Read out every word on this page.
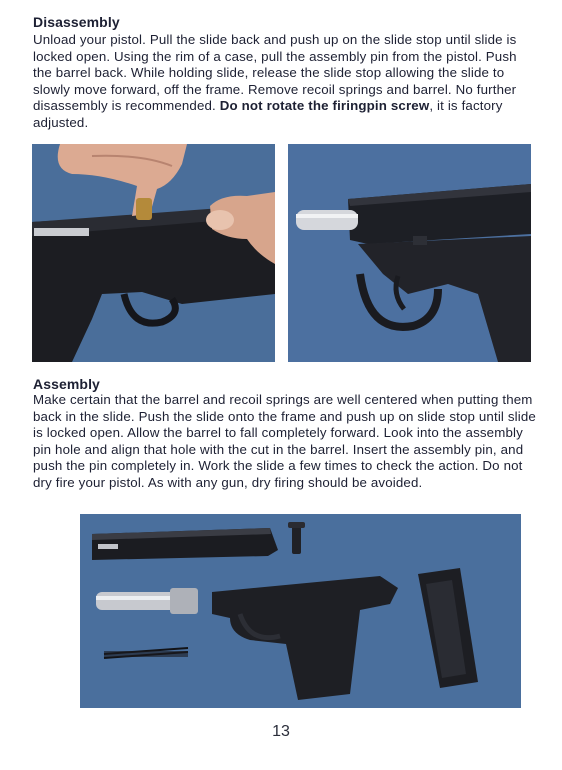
Disassembly
Unload your pistol. Pull the slide back and push up on the slide stop until slide is locked open. Using the rim of a case, pull the assembly pin from the pistol. Push the barrel back. While holding slide, release the slide stop allowing the slide to slowly move forward, off the frame. Remove recoil springs and barrel. No further disassembly is recommended. Do not rotate the firingpin screw, it is factory adjusted.
Assembly
Make certain that the barrel and recoil springs are well centered when putting them back in the slide. Push the slide onto the frame and push up on slide stop until slide is locked open. Allow the barrel to fall completely forward. Look into the assembly pin hole and align that hole with the cut in the barrel. Insert the assembly pin, and push the pin completely in. Work the slide a few times to check the action. Do not dry fire your pistol. As with any gun, dry firing should be avoided.
13
